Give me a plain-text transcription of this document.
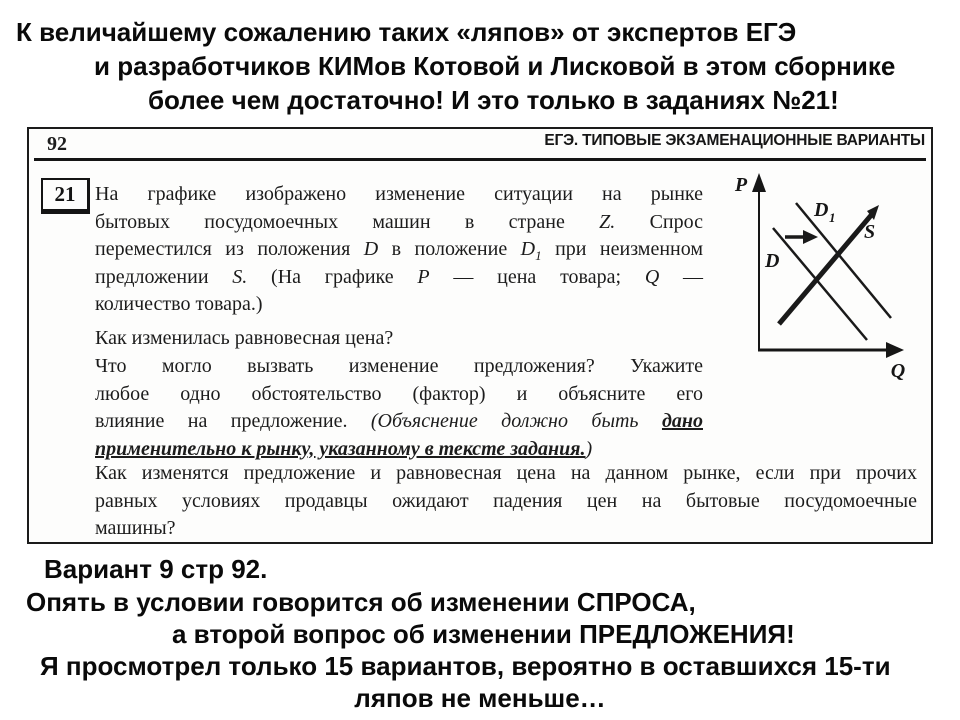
К величайшему сожалению таких «ляпов» от экспертов ЕГЭ
и разработчиков КИМов Котовой и Лисковой в этом сборнике
более чем достаточно! И это только в заданиях №21!
92	ЕГЭ. ТИПОВЫЕ ЭКЗАМЕНАЦИОННЫЕ ВАРИАНТЫ
21 На графике изображено изменение ситуации на рынке
бытовых посудомоечных машин в стране Z. Спрос
переместился из положения D в положение $D_1$ при неизменном
предложении S. (На графике P — цена товара; Q —
количество товара.)
Как изменилась равновесная цена?
Что могло вызвать изменение предложения? Укажите
любое одно обстоятельство (фактор) и объясните его
влияние на предложение. (Объяснение должно быть дано
применительно к рынку, указанному в тексте задания.)
Как изменятся предложение и равновесная цена на данном рынке, если при прочих
равных условиях продавцы ожидают падения цен на бытовые посудомоечные
машины?
P
Q
D
D 1
S
Вариант 9 стр 92.
Опять в условии говорится об изменении СПРОСА,
а второй вопрос об изменении ПРЕДЛОЖЕНИЯ!
Я просмотрел только 15 вариантов, вероятно в оставшихся 15-ти
ляпов не меньше…
